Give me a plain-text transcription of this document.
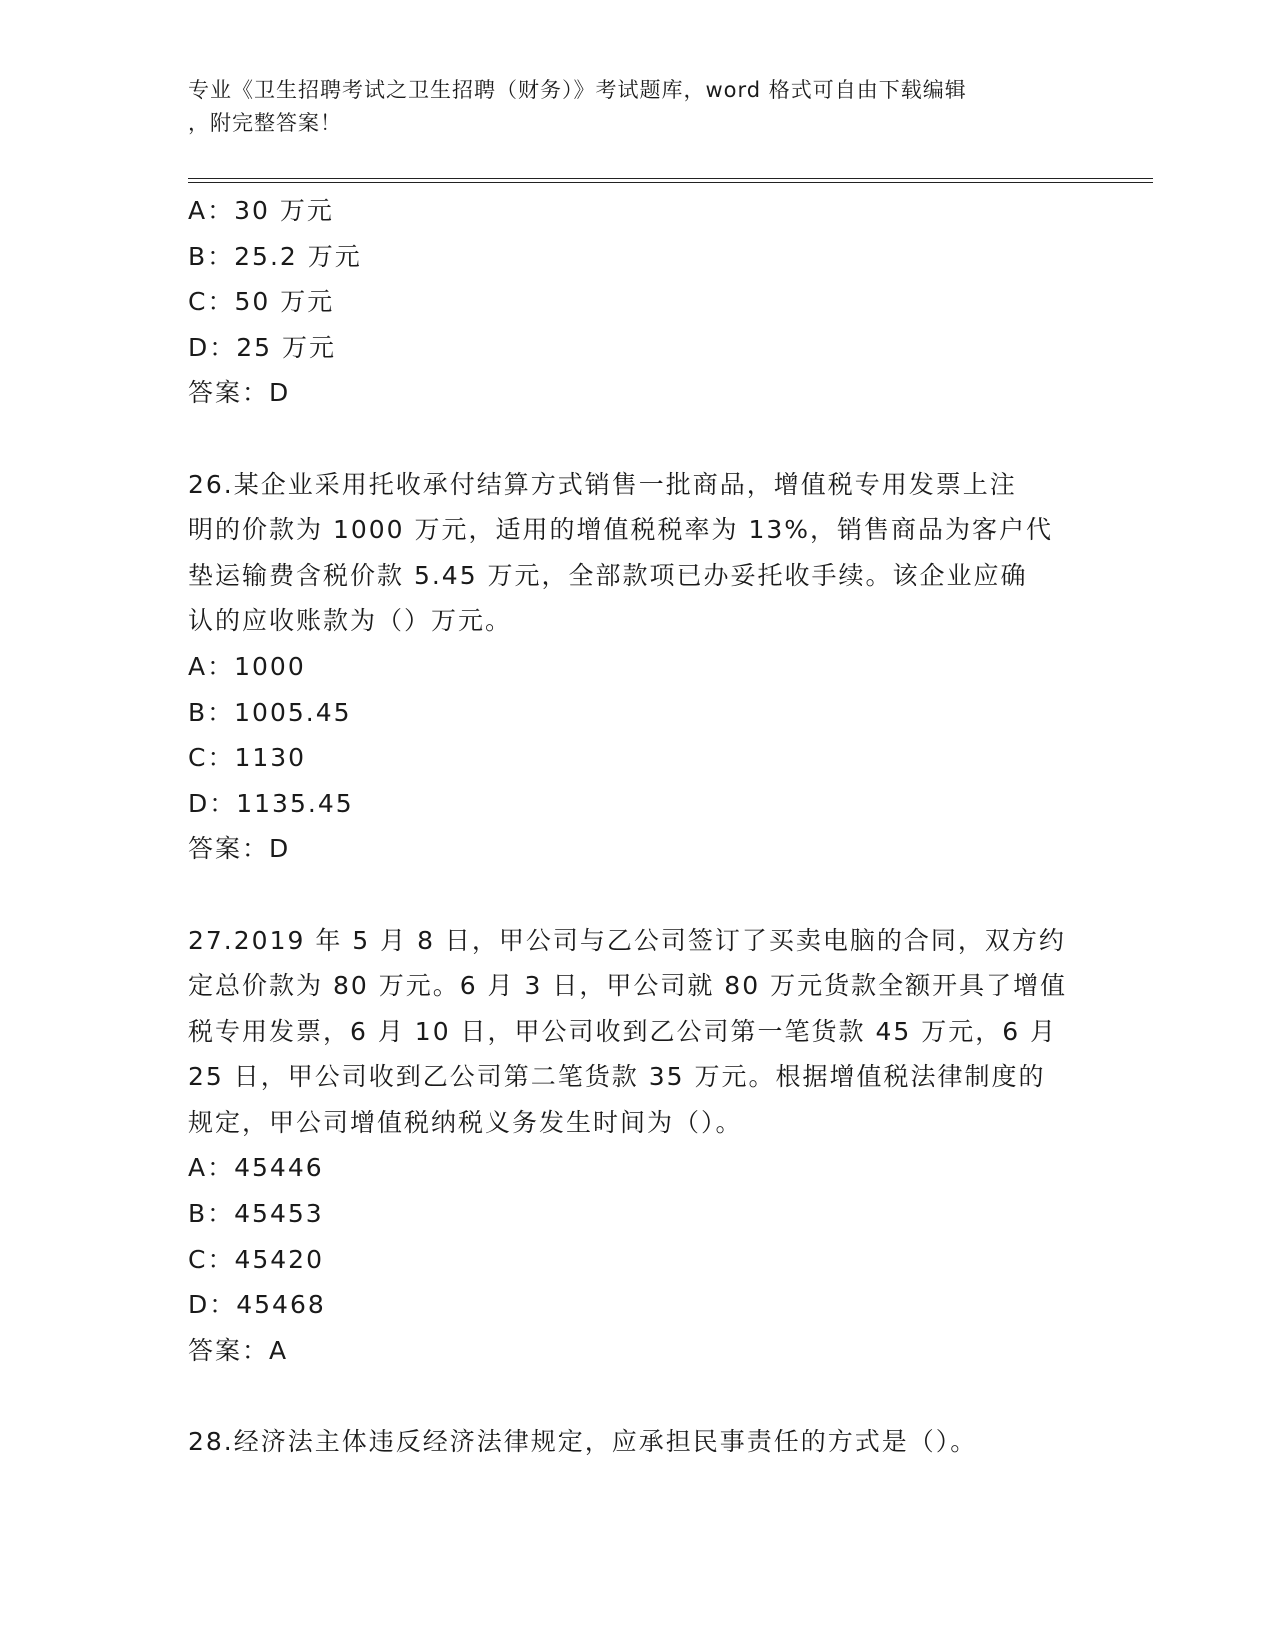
专业《卫生招聘考试之卫生招聘（财务）》考试题库，word 格式可自由下载编辑
，附完整答案！
A：30 万元
B：25.2 万元
C：50 万元
D：25 万元
答案：D
26.某企业采用托收承付结算方式销售一批商品，增值税专用发票上注
明的价款为 1000 万元，适用的增值税税率为 13%，销售商品为客户代
垫运输费含税价款 5.45 万元，全部款项已办妥托收手续。该企业应确
认的应收账款为（）万元。
A：1000
B：1005.45
C：1130
D：1135.45
答案：D
27.2019 年 5 月 8 日，甲公司与乙公司签订了买卖电脑的合同，双方约
定总价款为 80 万元。6 月 3 日，甲公司就 80 万元货款全额开具了增值
税专用发票，6 月 10 日，甲公司收到乙公司第一笔货款 45 万元，6 月
25 日，甲公司收到乙公司第二笔货款 35 万元。根据增值税法律制度的
规定，甲公司增值税纳税义务发生时间为（）。
A：45446
B：45453
C：45420
D：45468
答案：A
28.经济法主体违反经济法律规定，应承担民事责任的方式是（）。
